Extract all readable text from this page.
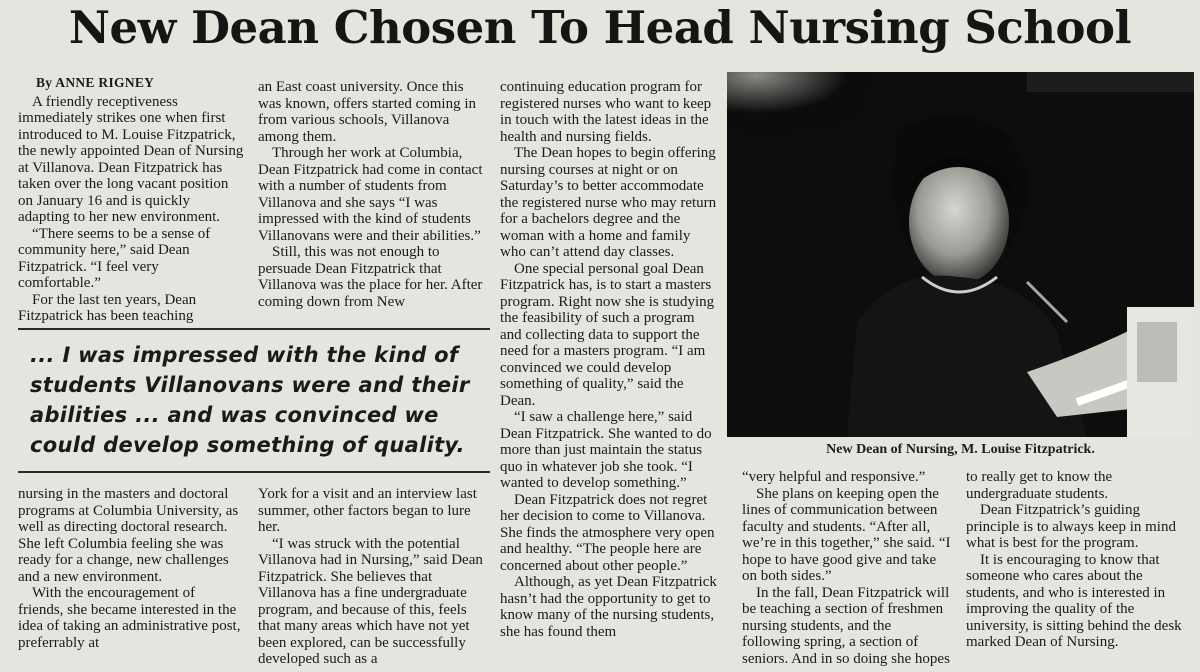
New Dean Chosen To Head Nursing School
By ANNE RIGNEY

A friendly receptiveness immediately strikes one when first introduced to M. Louise Fitzpatrick, the newly appointed Dean of Nursing at Villanova. Dean Fitzpatrick has taken over the long vacant position on January 16 and is quickly adapting to her new environment.

“There seems to be a sense of community here,” said Dean Fitzpatrick. “I feel very comfortable.”

For the last ten years, Dean Fitzpatrick has been teaching

an East coast university. Once this was known, offers started coming in from various schools, Villanova among them.

Through her work at Columbia, Dean Fitzpatrick had come in contact with a number of students from Villanova and she says “I was impressed with the kind of students Villanovans were and their abilities.”

Still, this was not enough to persuade Dean Fitzpatrick that Villanova was the place for her. After coming down from New

... I was impressed with the kind of students Villanovans were and their abilities ... and was convinced we could develop something of quality.

nursing in the masters and doctoral programs at Columbia University, as well as directing doctoral research. She left Columbia feeling she was ready for a change, new challenges and a new environment.

With the encouragement of friends, she became interested in the idea of taking an administrative post, preferrably at

York for a visit and an interview last summer, other factors began to lure her.

“I was struck with the potential Villanova had in Nursing,” said Dean Fitzpatrick. She believes that Villanova has a fine undergraduate program, and because of this, feels that many areas which have not yet been explored, can be successfully developed such as a

continuing education program for registered nurses who want to keep in touch with the latest ideas in the health and nursing fields.

The Dean hopes to begin offering nursing courses at night or on Saturday’s to better accommodate the registered nurse who may return for a bachelors degree and the woman with a home and family who can’t attend day classes.

One special personal goal Dean Fitzpatrick has, is to start a masters program. Right now she is studying the feasibility of such a program and collecting data to support the need for a masters program. “I am convinced we could develop something of quality,” said the Dean.

“I saw a challenge here,” said Dean Fitzpatrick. She wanted to do more than just maintain the status quo in whatever job she took. “I wanted to develop something.”

Dean Fitzpatrick does not regret her decision to come to Villanova. She finds the atmosphere very open and healthy. “The people here are concerned about other people.”

Although, as yet Dean Fitzpatrick hasn’t had the opportunity to get to know many of the nursing students, she has found them

New Dean of Nursing, M. Louise Fitzpatrick.

“very helpful and responsive.”

She plans on keeping open the lines of communication between faculty and students. “After all, we’re in this together,” she said. “I hope to have good give and take on both sides.”

In the fall, Dean Fitzpatrick will be teaching a section of freshmen nursing students, and the following spring, a section of seniors. And in so doing she hopes

to really get to know the undergraduate students.

Dean Fitzpatrick’s guiding principle is to always keep in mind what is best for the program.

It is encouraging to know that someone who cares about the students, and who is interested in improving the quality of the university, is sitting behind the desk marked Dean of Nursing.
